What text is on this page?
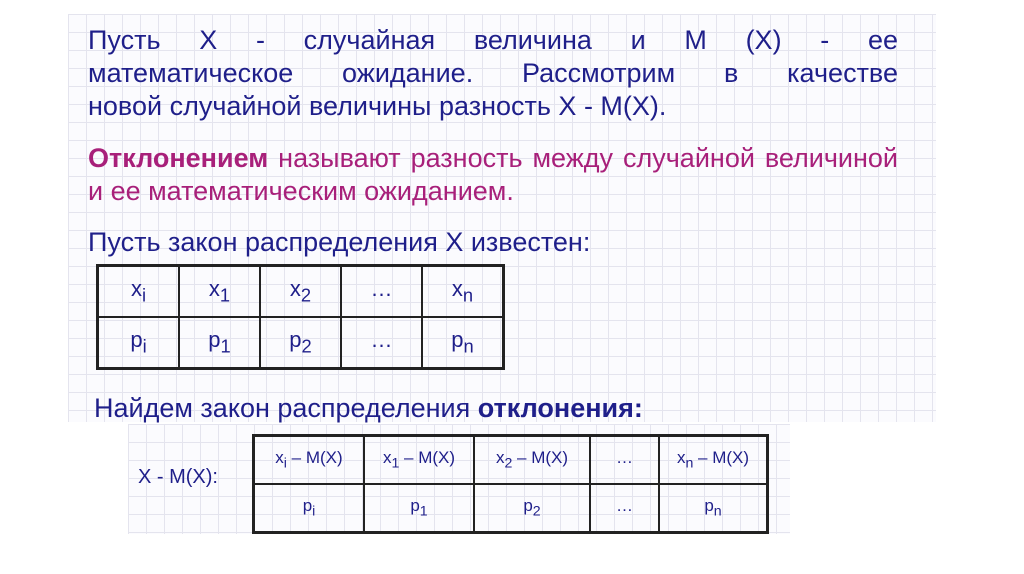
Пусть X - случайная величина и M (X) - ее
математическое ожидание. Рассмотрим в качестве
новой случайной величины разность X - M(X).

Отклонением называют разность между случайной величиной и ее математическим ожиданием.

Пусть закон распределения X известен:

$x_i$	$x_1$	$x_2$	…	$x_n$
$p_i$	$p_1$	$p_2$	…	$p_n$

Найдем закон распределения отклонения:

X - M(X):
$x_i - M(X)$	$x_1 - M(X)$	$x_2 - M(X)$	…	$x_n - M(X)$
$p_i$	$p_1$	$p_2$	…	$p_n$
